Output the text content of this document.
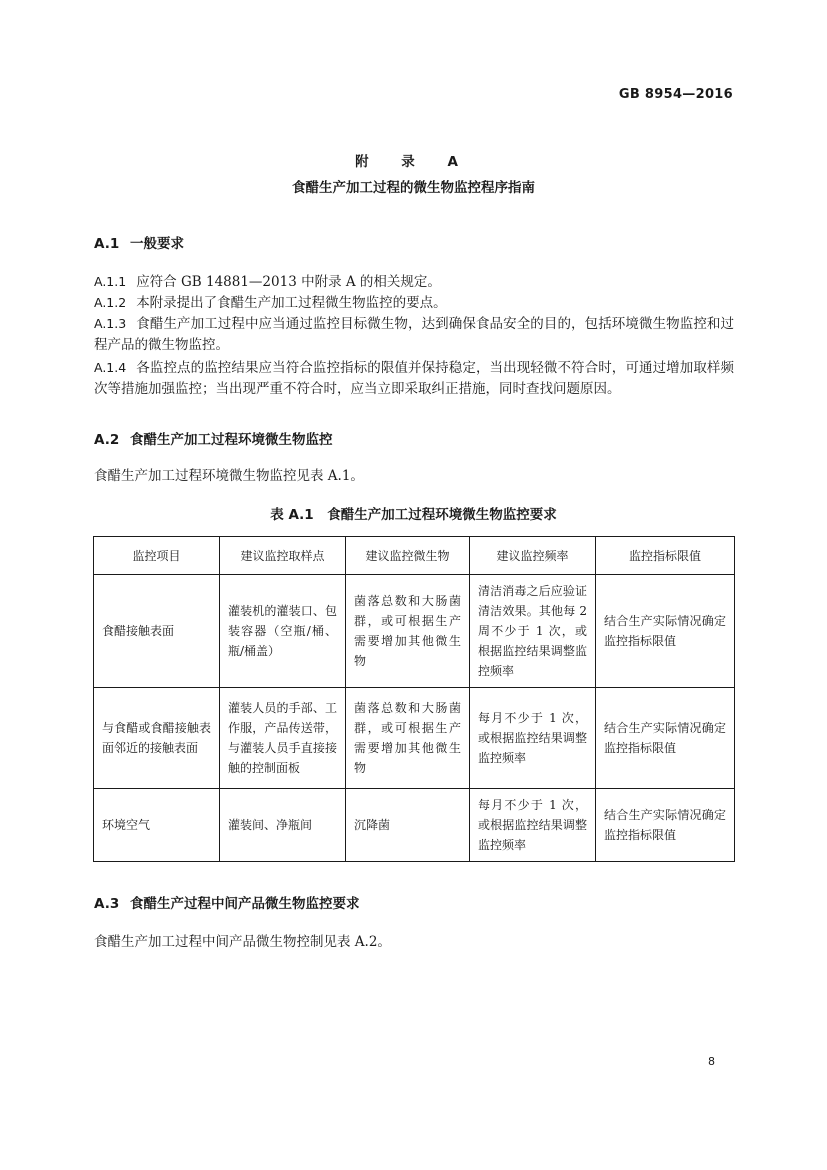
GB 8954—2016
附 录 A
食醋生产加工过程的微生物监控程序指南
A.1 一般要求
A.1.1 应符合 GB 14881—2013 中附录 A 的相关规定。
A.1.2 本附录提出了食醋生产加工过程微生物监控的要点。
A.1.3 食醋生产加工过程中应当通过监控目标微生物，达到确保食品安全的目的，包括环境微生物监控和过程产品的微生物监控。
A.1.4 各监控点的监控结果应当符合监控指标的限值并保持稳定，当出现轻微不符合时，可通过增加取样频次等措施加强监控；当出现严重不符合时，应当立即采取纠正措施，同时查找问题原因。
A.2 食醋生产加工过程环境微生物监控
食醋生产加工过程环境微生物监控见表 A.1。
表 A.1　食醋生产加工过程环境微生物监控要求
监控项目	建议监控取样点	建议监控微生物	建议监控频率	监控指标限值
食醋接触表面	灌装机的灌装口、包装容器（空瓶/桶、瓶/桶盖）	菌落总数和大肠菌群，或可根据生产需要增加其他微生物	清洁消毒之后应验证清洁效果。其他每 2 周不少于 1 次，或根据监控结果调整监控频率	结合生产实际情况确定监控指标限值
与食醋或食醋接触表面邻近的接触表面	灌装人员的手部、工作服，产品传送带，与灌装人员手直接接触的控制面板	菌落总数和大肠菌群，或可根据生产需要增加其他微生物	每月不少于 1 次，或根据监控结果调整监控频率	结合生产实际情况确定监控指标限值
环境空气	灌装间、净瓶间	沉降菌	每月不少于 1 次，或根据监控结果调整监控频率	结合生产实际情况确定监控指标限值
A.3 食醋生产过程中间产品微生物监控要求
食醋生产加工过程中间产品微生物控制见表 A.2。
8
